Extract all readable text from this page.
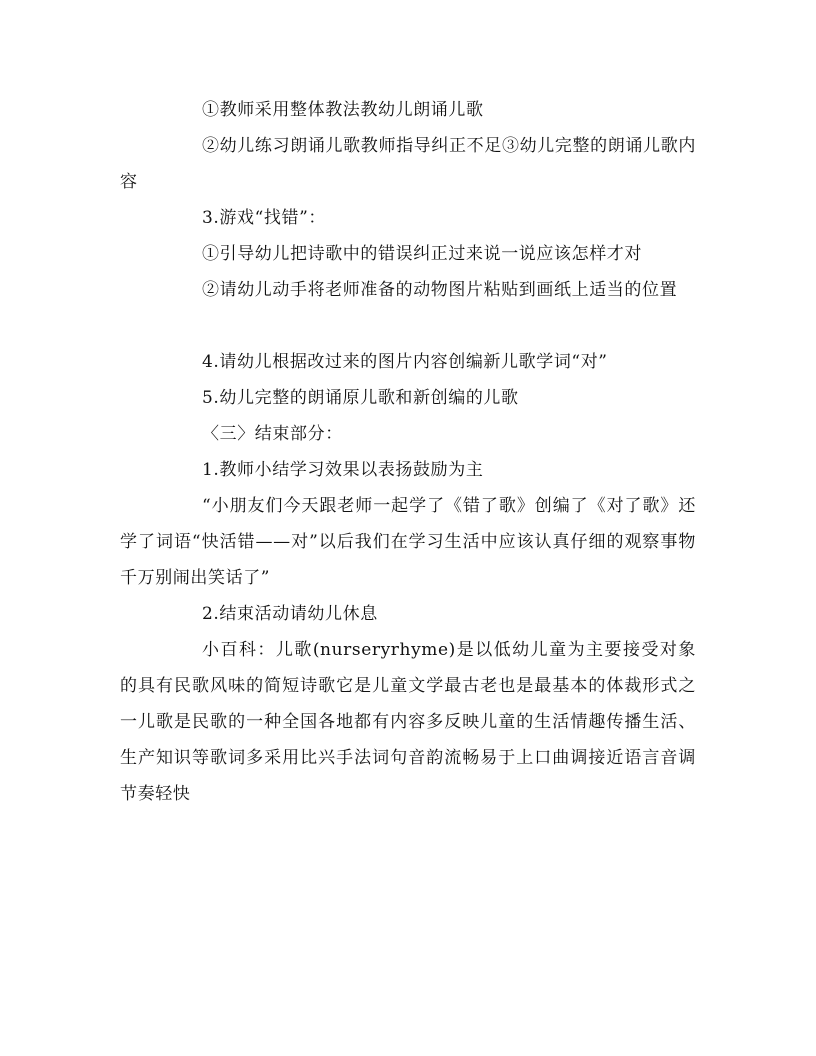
①教师采用整体教法教幼儿朗诵儿歌

②幼儿练习朗诵儿歌教师指导纠正不足③幼儿完整的朗诵儿歌内容

3.游戏“找错”：

①引导幼儿把诗歌中的错误纠正过来说一说应该怎样才对

②请幼儿动手将老师准备的动物图片粘贴到画纸上适当的位置

4.请幼儿根据改过来的图片内容创编新儿歌学词“对”

5.幼儿完整的朗诵原儿歌和新创编的儿歌

〈三〉结束部分：

1.教师小结学习效果以表扬鼓励为主

“小朋友们今天跟老师一起学了《错了歌》创编了《对了歌》还学了词语“快活错——对”以后我们在学习生活中应该认真仔细的观察事物千万别闹出笑话了”

2.结束活动请幼儿休息

小百科：儿歌(nurseryrhyme)是以低幼儿童为主要接受对象的具有民歌风味的简短诗歌它是儿童文学最古老也是最基本的体裁形式之一儿歌是民歌的一种全国各地都有内容多反映儿童的生活情趣传播生活、生产知识等歌词多采用比兴手法词句音韵流畅易于上口曲调接近语言音调节奏轻快
